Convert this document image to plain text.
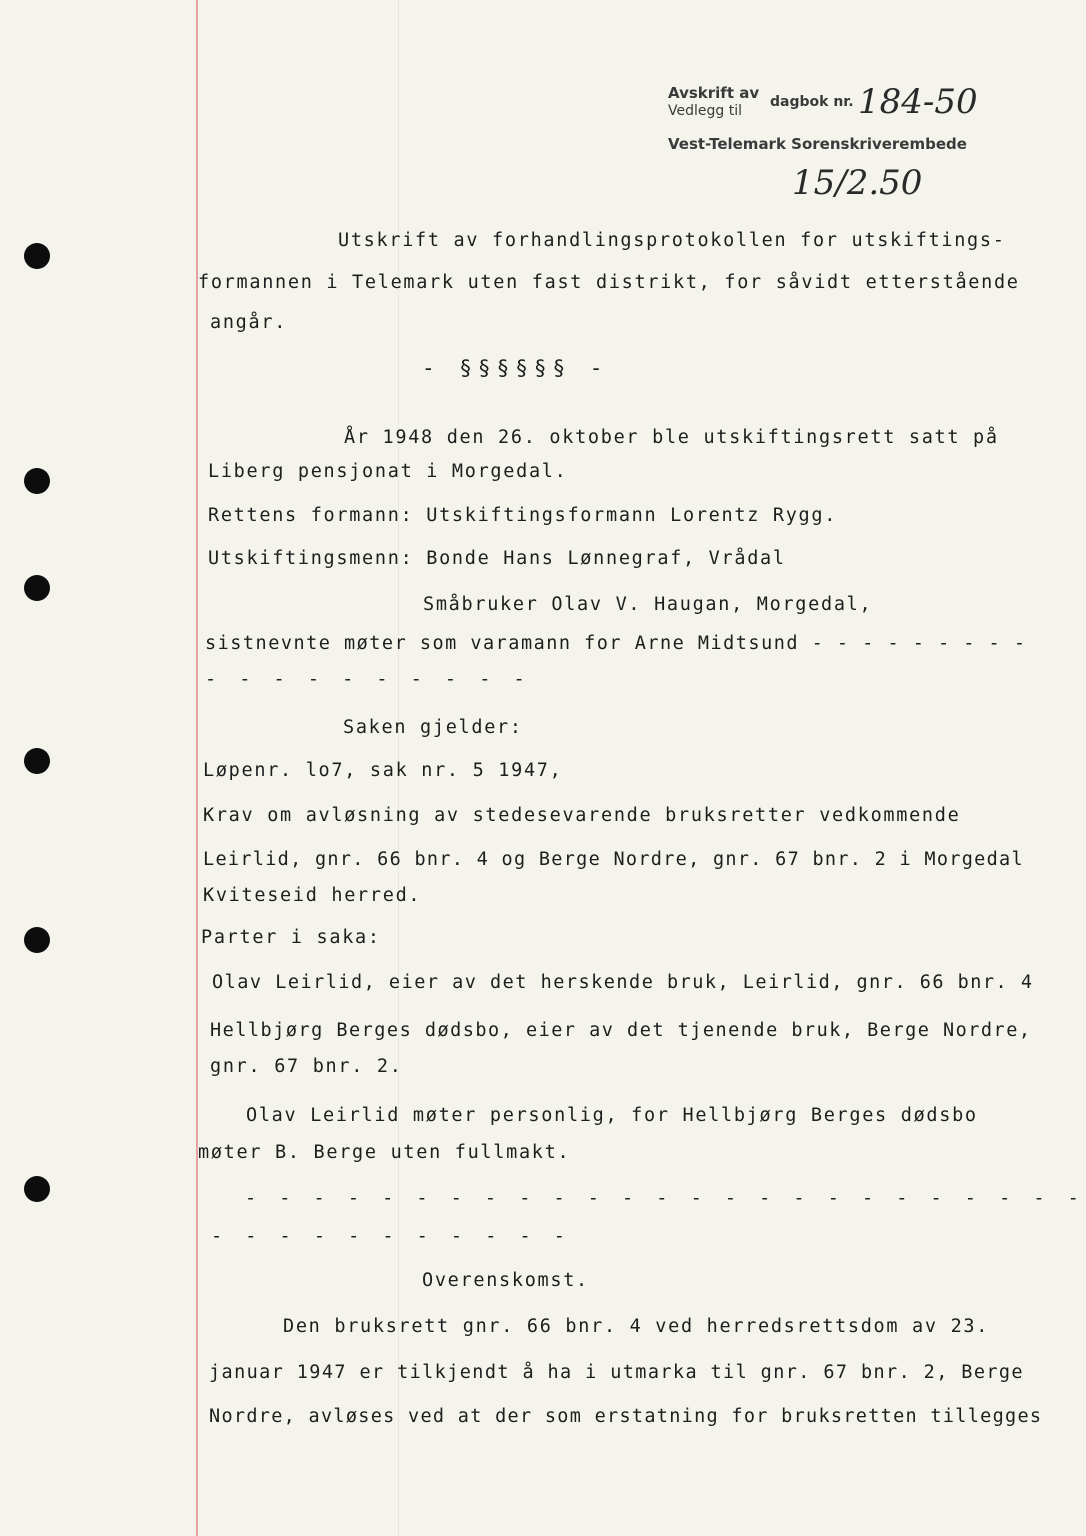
Avskrift av
Vedlegg til
dagbok nr.
Vest-Telemark Sorenskriverembede
184-50
15/2.50
Utskrift av forhandlingsprotokollen for utskiftings-
formannen i Telemark uten fast distrikt, for såvidt etterstående
angår.
- §§§§§§ -
År 1948 den 26. oktober ble utskiftingsrett satt på
Liberg pensjonat i Morgedal.
Rettens formann: Utskiftingsformann Lorentz Rygg.
Utskiftingsmenn: Bonde Hans Lønnegraf, Vrådal
Småbruker Olav V. Haugan, Morgedal,
sistnevnte møter som varamann for Arne Midtsund - - - - - - - - -
- - - - - - - - - -
Saken gjelder:
Løpenr. lo7, sak nr. 5 1947,
Krav om avløsning av stedesevarende bruksretter vedkommende
Leirlid, gnr. 66 bnr. 4 og Berge Nordre, gnr. 67 bnr. 2 i Morgedal
Kviteseid herred.
Parter i saka:
Olav Leirlid, eier av det herskende bruk, Leirlid, gnr. 66 bnr. 4
Hellbjørg Berges dødsbo, eier av det tjenende bruk, Berge Nordre,
gnr. 67 bnr. 2.
Olav Leirlid møter personlig, for Hellbjørg Berges dødsbo
møter B. Berge uten fullmakt.
- - - - - - - - - - - - - - - - - - - - - - - - -
- - - - - - - - - - -
Overenskomst.
Den bruksrett gnr. 66 bnr. 4 ved herredsrettsdom av 23.
januar 1947 er tilkjendt å ha i utmarka til gnr. 67 bnr. 2, Berge
Nordre, avløses ved at der som erstatning for bruksretten tillegges
